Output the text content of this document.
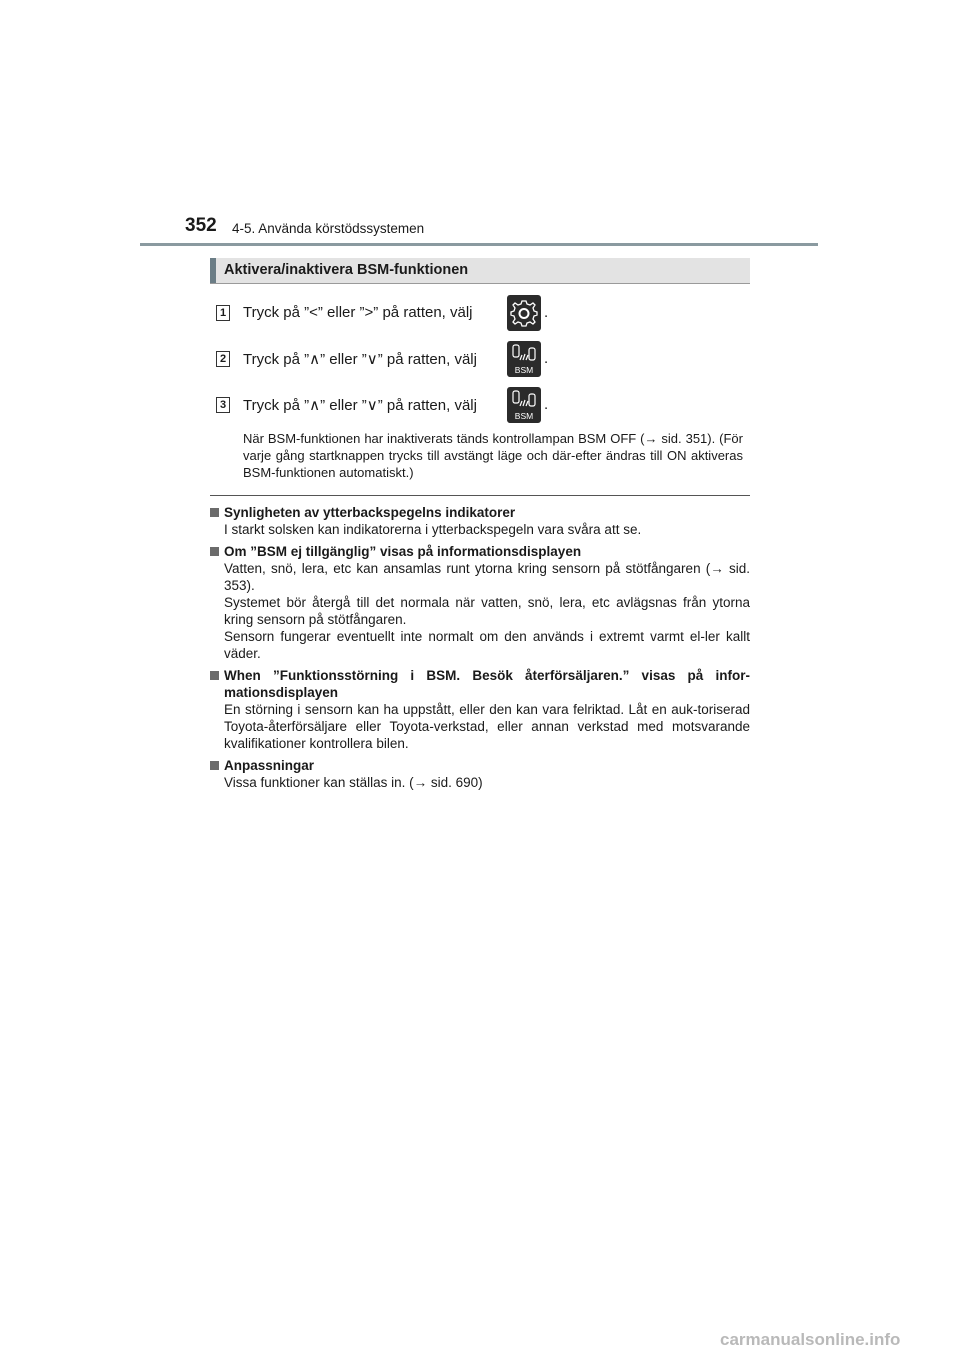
352 4-5. Använda körstödssystemen
Aktivera/inaktivera BSM-funktionen
1 Tryck på ”<” eller ”>” på ratten, välj	.
2 Tryck på ”∧” eller ”∨” på ratten, välj
BSM
.
3 Tryck på ”∧” eller ”∨” på ratten, välj
BSM
.
När BSM-funktionen har inaktiverats tänds kontrollampan BSM OFF (→ sid. 351). (För varje gång startknappen trycks till avstängt läge och där-efter ändras till ON aktiveras BSM-funktionen automatiskt.)
Synligheten av ytterbackspegelns indikatorer

I starkt solsken kan indikatorerna i ytterbackspegeln vara svåra att se.

Om ”BSM ej tillgänglig” visas på informationsdisplayen

Vatten, snö, lera, etc kan ansamlas runt ytorna kring sensorn på stötfångaren (→ sid. 353).

Systemet bör återgå till det normala när vatten, snö, lera, etc avlägsnas från ytorna kring sensorn på stötfångaren.

Sensorn fungerar eventuellt inte normalt om den används i extremt varmt el-ler kallt väder.

When ”Funktionsstörning i BSM. Besök återförsäljaren.” visas på infor-mationsdisplayen

En störning i sensorn kan ha uppstått, eller den kan vara felriktad. Låt en auk-toriserad Toyota-återförsäljare eller Toyota-verkstad, eller annan verkstad med motsvarande kvalifikationer kontrollera bilen.

Anpassningar

Vissa funktioner kan ställas in. (→ sid. 690)

carmanualsonline.info
